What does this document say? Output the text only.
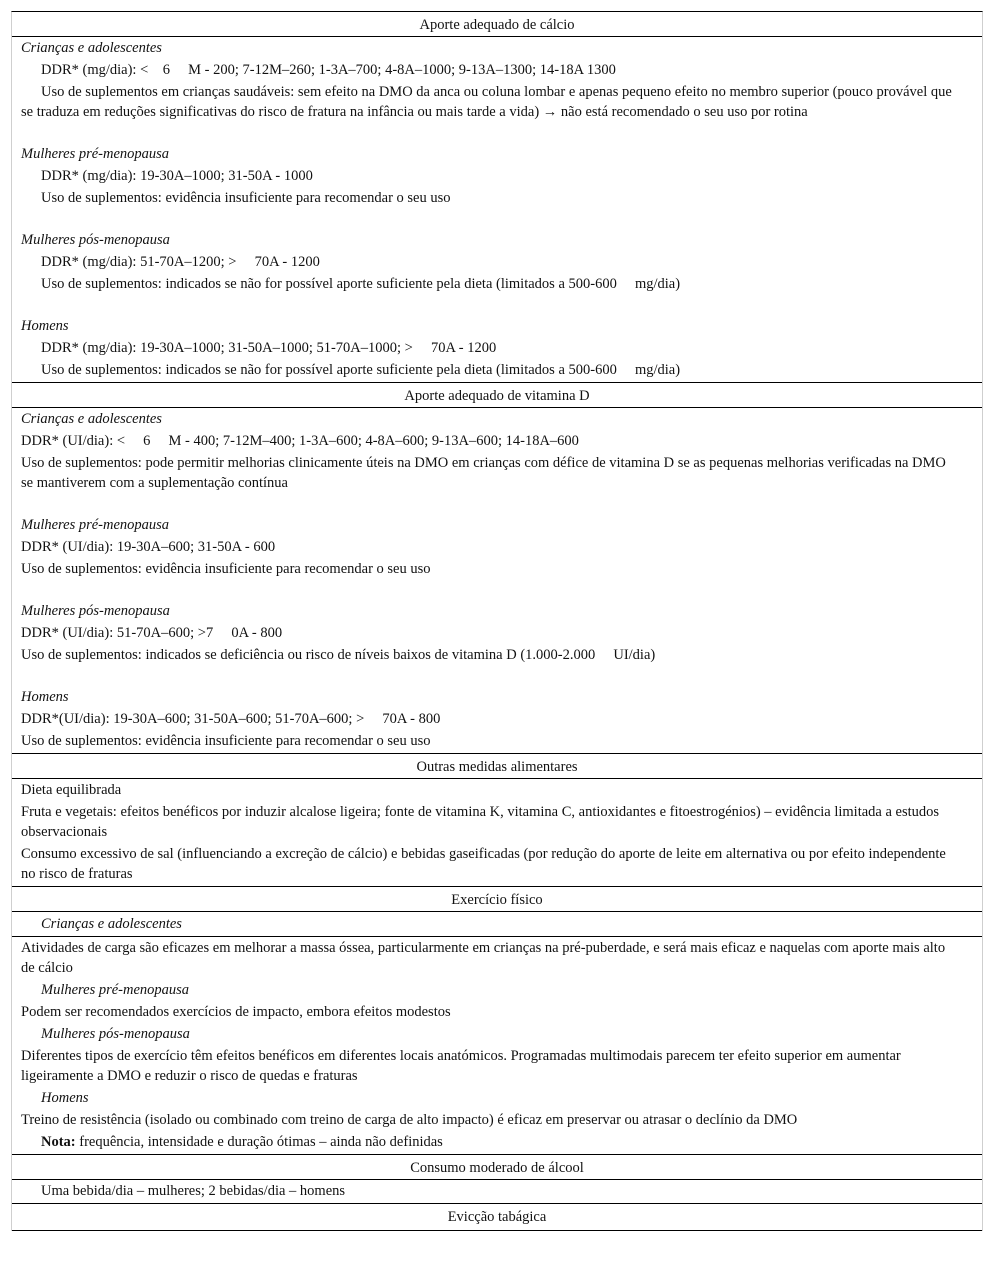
Aporte adequado de cálcio
Crianças e adolescentes
DDR* (mg/dia): <    6     M - 200; 7-12M–260; 1-3A–700; 4-8A–1000; 9-13A–1300; 14-18A 1300
Uso de suplementos em crianças saudáveis: sem efeito na DMO da anca ou coluna lombar e apenas pequeno efeito no membro superior (pouco provável que se traduza em reduções significativas do risco de fratura na infância ou mais tarde a vida) → não está recomendado o seu uso por rotina
Mulheres pré-menopausa
DDR* (mg/dia): 19-30A–1000; 31-50A - 1000
Uso de suplementos: evidência insuficiente para recomendar o seu uso
Mulheres pós-menopausa
DDR* (mg/dia): 51-70A–1200; >     70A - 1200
Uso de suplementos: indicados se não for possível aporte suficiente pela dieta (limitados a 500-600     mg/dia)
Homens
DDR* (mg/dia): 19-30A–1000; 31-50A–1000; 51-70A–1000; >     70A - 1200
Uso de suplementos: indicados se não for possível aporte suficiente pela dieta (limitados a 500-600     mg/dia)
Aporte adequado de vitamina D
Crianças e adolescentes
DDR* (UI/dia): <     6     M - 400; 7-12M–400; 1-3A–600; 4-8A–600; 9-13A–600; 14-18A–600
Uso de suplementos: pode permitir melhorias clinicamente úteis na DMO em crianças com défice de vitamina D se as pequenas melhorias verificadas na DMO se mantiverem com a suplementação contínua
Mulheres pré-menopausa
DDR* (UI/dia): 19-30A–600; 31-50A - 600
Uso de suplementos: evidência insuficiente para recomendar o seu uso
Mulheres pós-menopausa
DDR* (UI/dia): 51-70A–600; >7     0A - 800
Uso de suplementos: indicados se deficiência ou risco de níveis baixos de vitamina D (1.000-2.000     UI/dia)
Homens
DDR*(UI/dia): 19-30A–600; 31-50A–600; 51-70A–600; >     70A - 800
Uso de suplementos: evidência insuficiente para recomendar o seu uso
Outras medidas alimentares
Dieta equilibrada
Fruta e vegetais: efeitos benéficos por induzir alcalose ligeira; fonte de vitamina K, vitamina C, antioxidantes e fitoestrogénios) – evidência limitada a estudos observacionais
Consumo excessivo de sal (influenciando a excreção de cálcio) e bebidas gaseificadas (por redução do aporte de leite em alternativa ou por efeito independente no risco de fraturas
Exercício físico
Crianças e adolescentes
Atividades de carga são eficazes em melhorar a massa óssea, particularmente em crianças na pré-puberdade, e será mais eficaz e naquelas com aporte mais alto de cálcio
Mulheres pré-menopausa
Podem ser recomendados exercícios de impacto, embora efeitos modestos
Mulheres pós-menopausa
Diferentes tipos de exercício têm efeitos benéficos em diferentes locais anatómicos. Programadas multimodais parecem ter efeito superior em aumentar ligeiramente a DMO e reduzir o risco de quedas e fraturas
Homens
Treino de resistência (isolado ou combinado com treino de carga de alto impacto) é eficaz em preservar ou atrasar o declínio da DMO
Nota: frequência, intensidade e duração ótimas – ainda não definidas
Consumo moderado de álcool
Uma bebida/dia – mulheres; 2 bebidas/dia – homens
Evicção tabágica
